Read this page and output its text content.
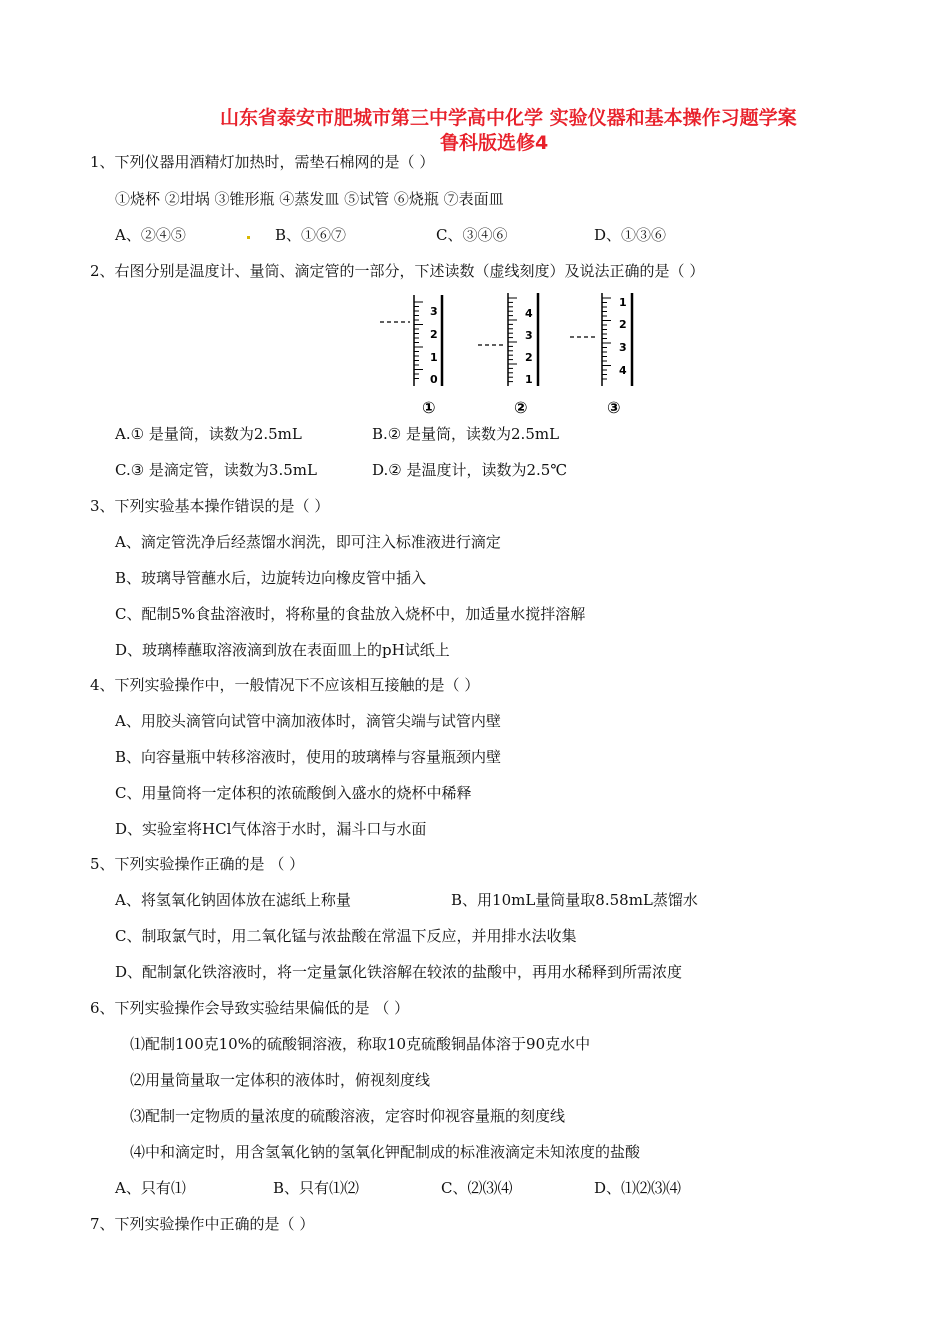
山东省泰安市肥城市第三中学高中化学 实验仪器和基本操作习题学案
鲁科版选修4
1、下列仪器用酒精灯加热时，需垫石棉网的是（ ）
①烧杯 ②坩埚 ③锥形瓶 ④蒸发皿 ⑤试管 ⑥烧瓶 ⑦表面皿
A、②④⑤	B、①⑥⑦	C、③④⑥	D、①③⑥
2、右图分别是温度计、量筒、滴定管的一部分，下述读数（虚线刻度）及说法正确的是（ ）
3
2
1
0
①
4
3
2
1
②
1
2
3
4
③
A.① 是量筒，读数为2.5mL	B.② 是量筒，读数为2.5mL
C.③ 是滴定管，读数为3.5mL	D.② 是温度计，读数为2.5℃
3、下列实验基本操作错误的是（ ）
A、滴定管洗净后经蒸馏水润洗，即可注入标准液进行滴定
B、玻璃导管蘸水后，边旋转边向橡皮管中插入
C、配制5%食盐溶液时，将称量的食盐放入烧杯中，加适量水搅拌溶解
D、玻璃棒蘸取溶液滴到放在表面皿上的pH试纸上
4、下列实验操作中，一般情况下不应该相互接触的是（ ）
A、用胶头滴管向试管中滴加液体时，滴管尖端与试管内壁
B、向容量瓶中转移溶液时，使用的玻璃棒与容量瓶颈内壁
C、用量筒将一定体积的浓硫酸倒入盛水的烧杯中稀释
D、实验室将HCl气体溶于水时，漏斗口与水面
5、下列实验操作正确的是 （ ）
A、将氢氧化钠固体放在滤纸上称量	B、用10mL量筒量取8.58mL蒸馏水
C、制取氯气时，用二氧化锰与浓盐酸在常温下反应，并用排水法收集
D、配制氯化铁溶液时，将一定量氯化铁溶解在较浓的盐酸中，再用水稀释到所需浓度
6、下列实验操作会导致实验结果偏低的是 （ ）
⑴配制100克10%的硫酸铜溶液，称取10克硫酸铜晶体溶于90克水中
⑵用量筒量取一定体积的液体时，俯视刻度线
⑶配制一定物质的量浓度的硫酸溶液，定容时仰视容量瓶的刻度线
⑷中和滴定时，用含氢氧化钠的氢氧化钾配制成的标准液滴定未知浓度的盐酸
A、只有⑴	B、只有⑴⑵	C、⑵⑶⑷	D、⑴⑵⑶⑷
7、下列实验操作中正确的是（ ）
